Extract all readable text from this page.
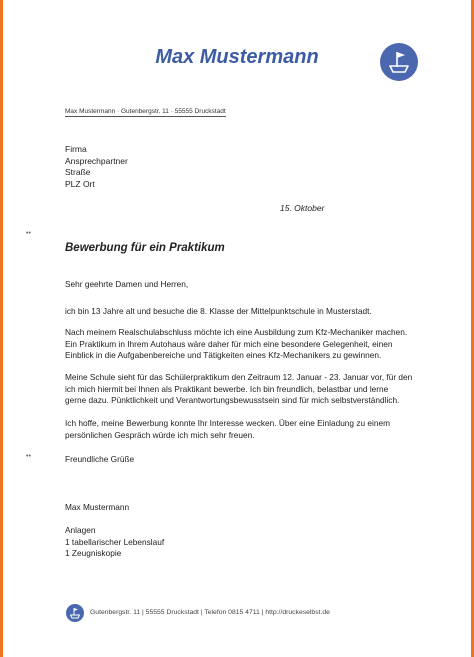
Max Mustermann
Max Mustermann · Gutenbergstr. 11 · 55555 Druckstadt
Firma
Ansprechpartner
Straße
PLZ Ort
15. Oktober
••
••
Bewerbung für ein Praktikum

Sehr geehrte Damen und Herren,

ich bin 13 Jahre alt und besuche die 8. Klasse der Mittelpunktschule in Musterstadt.

Nach meinem Realschulabschluss möchte ich eine Ausbildung zum Kfz-Mechaniker machen.
Ein Praktikum in Ihrem Autohaus wäre daher für mich eine besondere Gelegenheit, einen
Einblick in die Aufgabenbereiche und Tätigkeiten eines Kfz-Mechanikers zu gewinnen.

Meine Schule sieht für das Schülerpraktikum den Zeitraum 12. Januar - 23. Januar vor, für den
ich mich hiermit bei Ihnen als Praktikant bewerbe. Ich bin freundlich, belastbar und lerne
gerne dazu. Pünktlichkeit und Verantwortungsbewusstsein sind für mich selbstverständlich.

Ich hoffe, meine Bewerbung konnte Ihr Interesse wecken. Über eine Einladung zu einem
persönlichen Gespräch würde ich mich sehr freuen.

Freundliche Grüße

Max Mustermann

Anlagen
1 tabellarischer Lebenslauf
1 Zeugniskopie

Gutenbergstr. 11 | 55555 Druckstadt | Telefon 0815 4711 | http://druckeselbst.de
